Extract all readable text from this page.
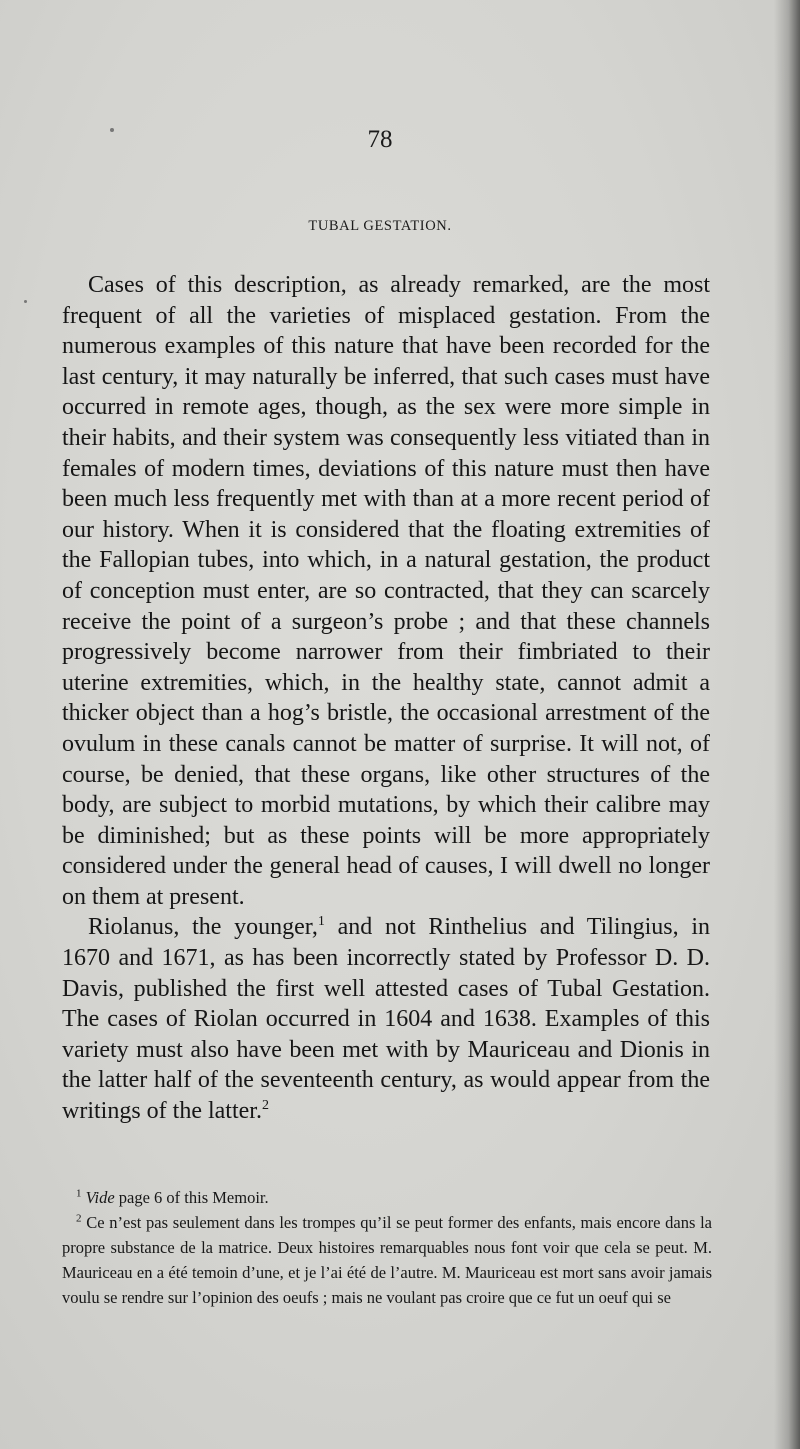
78
TUBAL GESTATION.

Cases of this description, as already remarked, are the most frequent of all the varieties of misplaced gestation. From the numerous examples of this nature that have been recorded for the last century, it may naturally be inferred, that such cases must have occurred in remote ages, though, as the sex were more simple in their habits, and their system was consequently less vitiated than in females of modern times, deviations of this nature must then have been much less frequently met with than at a more recent period of our history. When it is considered that the floating extremities of the Fallopian tubes, into which, in a natural gestation, the product of conception must enter, are so contracted, that they can scarcely receive the point of a surgeon’s probe ; and that these channels progressively become narrower from their fimbriated to their uterine extremities, which, in the healthy state, cannot admit a thicker object than a hog’s bristle, the occasional arrestment of the ovulum in these canals cannot be matter of surprise. It will not, of course, be denied, that these organs, like other structures of the body, are subject to morbid mutations, by which their calibre may be diminished; but as these points will be more appropriately considered under the general head of causes, I will dwell no longer on them at present.

Riolanus, the younger,$^1$ and not Rinthelius and Tilingius, in 1670 and 1671, as has been incorrectly stated by Professor D. D. Davis, published the first well attested cases of Tubal Gestation. The cases of Riolan occurred in 1604 and 1638. Examples of this variety must also have been met with by Mauriceau and Dionis in the latter half of the seventeenth century, as would appear from the writings of the latter.$^2$

$^1$ Vide page 6 of this Memoir.

$^2$ Ce n’est pas seulement dans les trompes qu’il se peut former des enfants, mais encore dans la propre substance de la matrice. Deux histoires remarquables nous font voir que cela se peut. M. Mauriceau en a été temoin d’une, et je l’ai été de l’autre. M. Mauriceau est mort sans avoir jamais voulu se rendre sur l’opinion des oeufs ; mais ne voulant pas croire que ce fut un oeuf qui se
